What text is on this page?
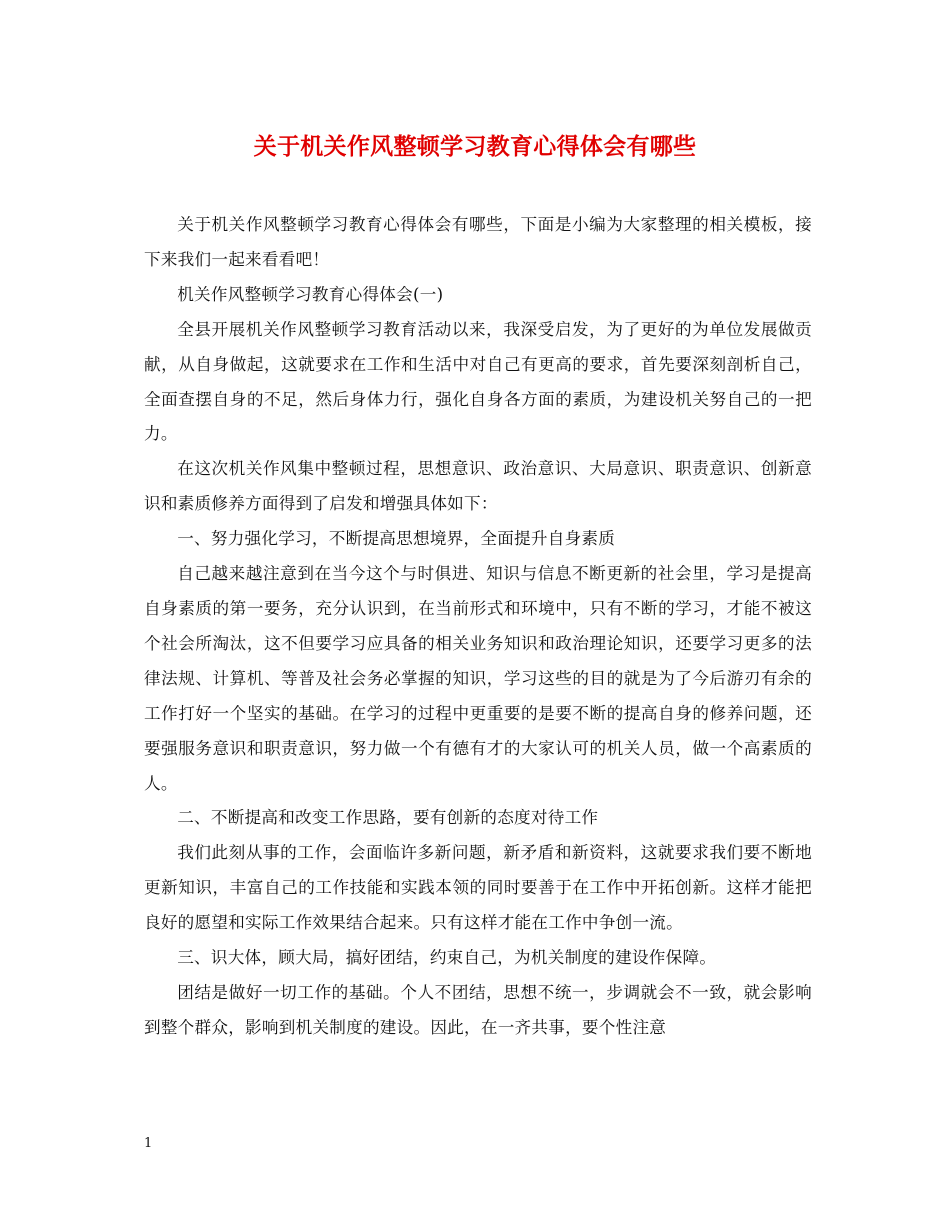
关于机关作风整顿学习教育心得体会有哪些

关于机关作风整顿学习教育心得体会有哪些，下面是小编为大家整理的相关模板，接下来我们一起来看看吧！

机关作风整顿学习教育心得体会(一)

全县开展机关作风整顿学习教育活动以来，我深受启发，为了更好的为单位发展做贡献，从自身做起，这就要求在工作和生活中对自己有更高的要求，首先要深刻剖析自己，全面查摆自身的不足，然后身体力行，强化自身各方面的素质，为建设机关努自己的一把力。

在这次机关作风集中整顿过程，思想意识、政治意识、大局意识、职责意识、创新意识和素质修养方面得到了启发和增强具体如下：

一、努力强化学习，不断提高思想境界，全面提升自身素质

自己越来越注意到在当今这个与时俱进、知识与信息不断更新的社会里，学习是提高自身素质的第一要务，充分认识到，在当前形式和环境中，只有不断的学习，才能不被这个社会所淘汰，这不但要学习应具备的相关业务知识和政治理论知识，还要学习更多的法律法规、计算机、等普及社会务必掌握的知识，学习这些的目的就是为了今后游刃有余的工作打好一个坚实的基础。在学习的过程中更重要的是要不断的提高自身的修养问题，还要强服务意识和职责意识，努力做一个有德有才的大家认可的机关人员，做一个高素质的人。

二、不断提高和改变工作思路，要有创新的态度对待工作

我们此刻从事的工作，会面临许多新问题，新矛盾和新资料，这就要求我们要不断地更新知识，丰富自己的工作技能和实践本领的同时要善于在工作中开拓创新。这样才能把良好的愿望和实际工作效果结合起来。只有这样才能在工作中争创一流。

三、识大体，顾大局，搞好团结，约束自己，为机关制度的建设作保障。

团结是做好一切工作的基础。个人不团结，思想不统一，步调就会不一致，就会影响到整个群众，影响到机关制度的建设。因此，在一齐共事，要个性注意

1
